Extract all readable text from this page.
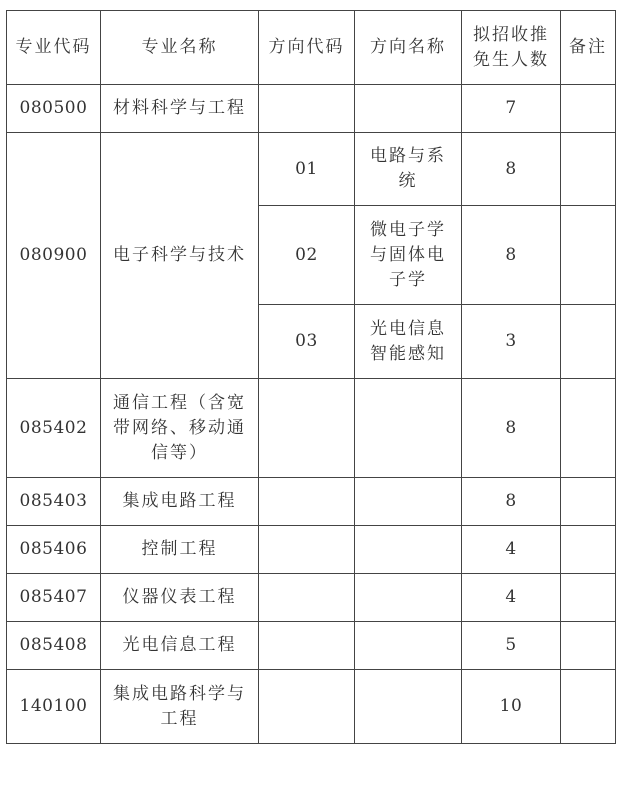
专业代码	专业名称	方向代码	方向名称	拟招收推免生人数	备注
080500	材料科学与工程			7	
080900	电子科学与技术	01	电路与系统	8	
		02	微电子学与固体电子学	8	
		03	光电信息智能感知	3	
085402	通信工程（含宽带网络、移动通信等）			8	
085403	集成电路工程			8	
085406	控制工程			4	
085407	仪器仪表工程			4	
085408	光电信息工程			5	
140100	集成电路科学与工程			10	
